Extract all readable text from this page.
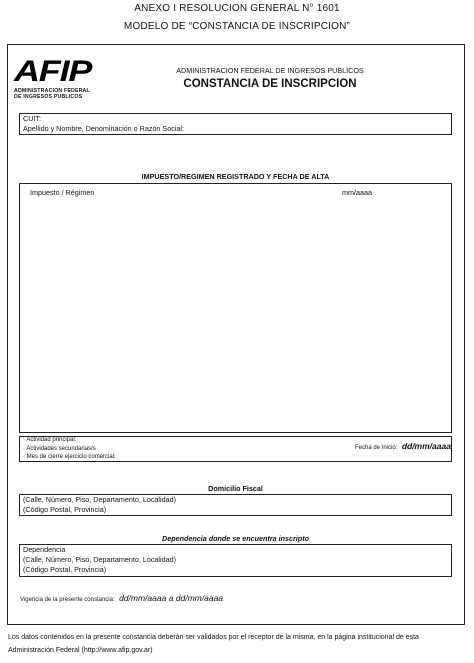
ANEXO I RESOLUCION GENERAL N° 1601
MODELO DE “CONSTANCIA DE INSCRIPCION”
AFIP
ADMINISTRACION FEDERAL
DE INGRESOS PUBLICOS
ADMINISTRACION FEDERAL DE INGRESOS PUBLICOS
CONSTANCIA DE INSCRIPCION
CUIT:
Apellido y Nombre, Denominación o Razón Social:
IMPUESTO/REGIMEN REGISTRADO Y FECHA DE ALTA
Impuesto / Régimen	mm/aaaa
· Actividad principal:
· Actividades secundarias/s
· Mes de cierre ejercicio comercial:
Fecha de Inicio: dd/mm/aaaa
Domicilio Fiscal
(Calle, Número, Piso, Departamento, Localidad)
(Código Postal, Provincia)
Dependencia donde se encuentra inscripto
Dependencia
(Calle, Número, Piso, Departamento, Localidad)
(Código Postal, Provincia)
Vigencia de la presente constancia: dd/mm/aaaa a dd/mm/aaaa
Los datos contenidos en la presente constancia deberán ser validados por el receptor de la misma, en la página institucional de esta
Administración Federal (http://www.afip.gov.ar)
